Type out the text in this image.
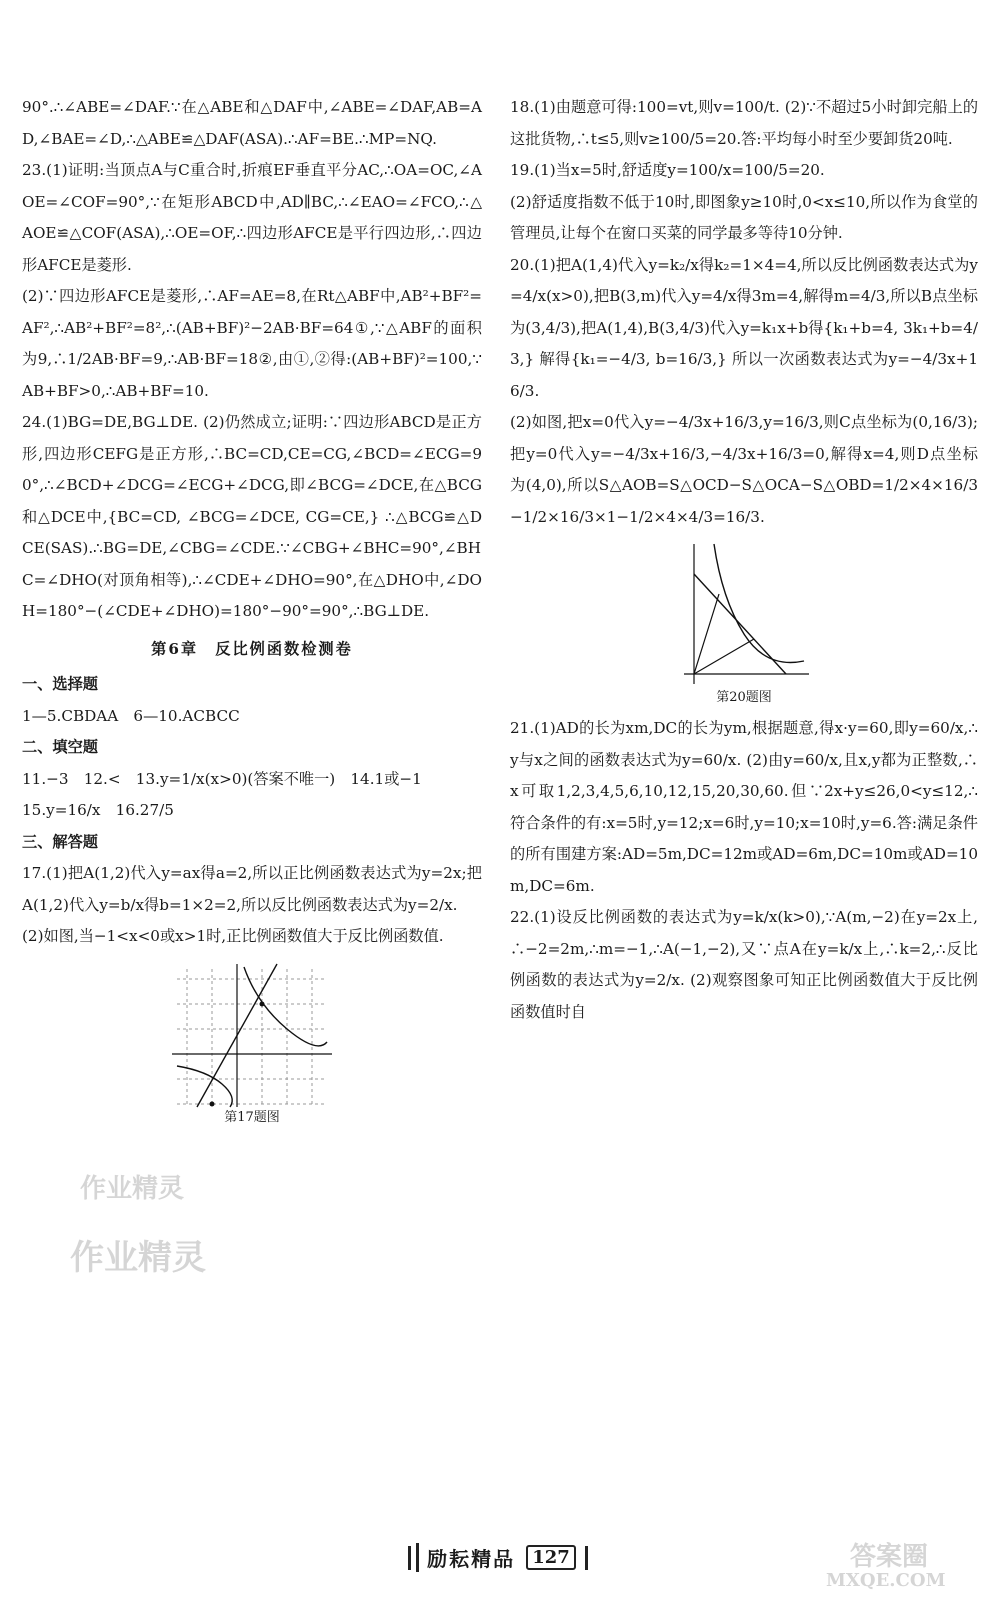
90°.∴∠ABE=∠DAF.∵在△ABE和△DAF中,∠ABE=∠DAF,AB=AD,∠BAE=∠D,∴△ABE≌△DAF(ASA).∴AF=BE.∴MP=NQ.

23.(1)证明:当顶点A与C重合时,折痕EF垂直平分AC,∴OA=OC,∠AOE=∠COF=90°,∵在矩形ABCD中,AD∥BC,∴∠EAO=∠FCO,∴△AOE≌△COF(ASA),∴OE=OF,∴四边形AFCE是平行四边形,∴四边形AFCE是菱形.

(2)∵四边形AFCE是菱形,∴AF=AE=8,在Rt△ABF中,AB²+BF²=AF²,∴AB²+BF²=8²,∴(AB+BF)²−2AB·BF=64①,∵△ABF的面积为9,∴1/2AB·BF=9,∴AB·BF=18②,由①,②得:(AB+BF)²=100,∵AB+BF>0,∴AB+BF=10.

24.(1)BG=DE,BG⊥DE. (2)仍然成立;证明:∵四边形ABCD是正方形,四边形CEFG是正方形,∴BC=CD,CE=CG,∠BCD=∠ECG=90°,∴∠BCD+∠DCG=∠ECG+∠DCG,即∠BCG=∠DCE,在△BCG和△DCE中,{BC=CD, ∠BCG=∠DCE, CG=CE,} ∴△BCG≌△DCE(SAS).∴BG=DE,∠CBG=∠CDE.∵∠CBG+∠BHC=90°,∠BHC=∠DHO(对顶角相等),∴∠CDE+∠DHO=90°,在△DHO中,∠DOH=180°−(∠CDE+∠DHO)=180°−90°=90°,∴BG⊥DE.

第6章　反比例函数检测卷

一、选择题

1—5.CBDAA　6—10.ACBCC

二、填空题

11.−3　12.<　13.y=1/x(x>0)(答案不唯一)　14.1或−1

15.y=16/x　16.27/5

三、解答题

17.(1)把A(1,2)代入y=ax得a=2,所以正比例函数表达式为y=2x;把A(1,2)代入y=b/x得b=1×2=2,所以反比例函数表达式为y=2/x.

(2)如图,当−1<x<0或x>1时,正比例函数值大于反比例函数值.

第17题图

18.(1)由题意可得:100=vt,则v=100/t. (2)∵不超过5小时卸完船上的这批货物,∴t≤5,则v≥100/5=20.答:平均每小时至少要卸货20吨.

19.(1)当x=5时,舒适度y=100/x=100/5=20.

(2)舒适度指数不低于10时,即图象y≥10时,0<x≤10,所以作为食堂的管理员,让每个在窗口买菜的同学最多等待10分钟.

20.(1)把A(1,4)代入y=k₂/x得k₂=1×4=4,所以反比例函数表达式为y=4/x(x>0),把B(3,m)代入y=4/x得3m=4,解得m=4/3,所以B点坐标为(3,4/3),把A(1,4),B(3,4/3)代入y=k₁x+b得{k₁+b=4, 3k₁+b=4/3,} 解得{k₁=−4/3, b=16/3,} 所以一次函数表达式为y=−4/3x+16/3.

(2)如图,把x=0代入y=−4/3x+16/3,y=16/3,则C点坐标为(0,16/3);把y=0代入y=−4/3x+16/3,−4/3x+16/3=0,解得x=4,则D点坐标为(4,0),所以S△AOB=S△OCD−S△OCA−S△OBD=1/2×4×16/3−1/2×16/3×1−1/2×4×4/3=16/3.

第20题图

21.(1)AD的长为xm,DC的长为ym,根据题意,得x·y=60,即y=60/x,∴y与x之间的函数表达式为y=60/x. (2)由y=60/x,且x,y都为正整数,∴x可取1,2,3,4,5,6,10,12,15,20,30,60.但∵2x+y≤26,0<y≤12,∴符合条件的有:x=5时,y=12;x=6时,y=10;x=10时,y=6.答:满足条件的所有围建方案:AD=5m,DC=12m或AD=6m,DC=10m或AD=10m,DC=6m.

22.(1)设反比例函数的表达式为y=k/x(k>0),∵A(m,−2)在y=2x上,∴−2=2m,∴m=−1,∴A(−1,−2),又∵点A在y=k/x上,∴k=2,∴反比例函数的表达式为y=2/x. (2)观察图象可知正比例函数值大于反比例函数值时自

作业精灵
作业精灵
答案圈
MXQE.COM
励耘精品 127
